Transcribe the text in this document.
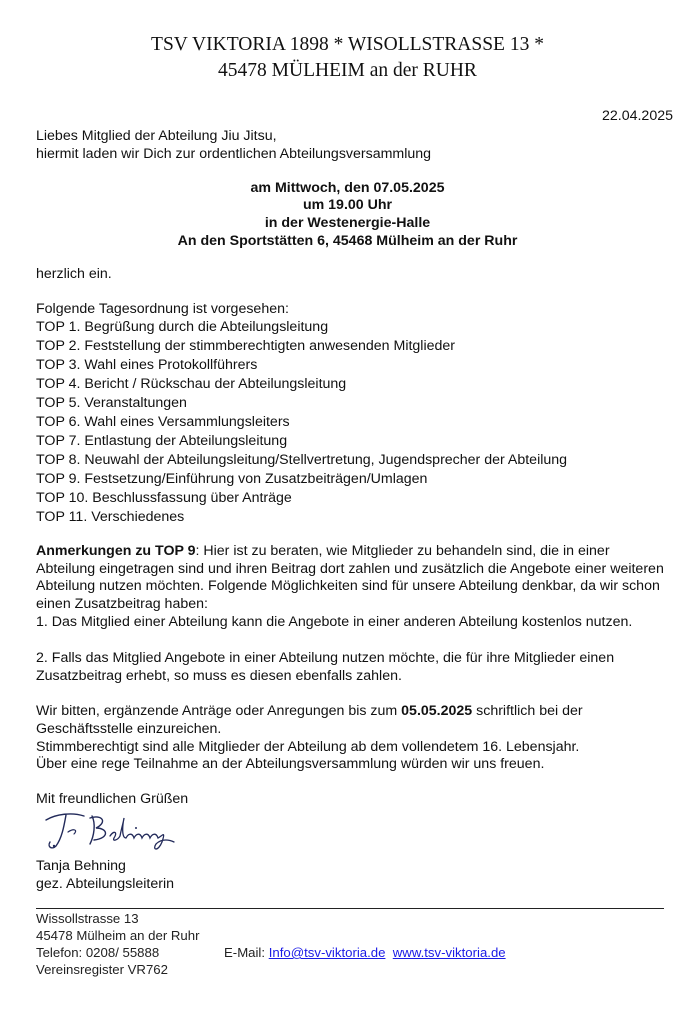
TSV VIKTORIA 1898 * WISOLLSTRASSE 13 *
45478 MÜLHEIM an der RUHR
22.04.2025
Liebes Mitglied der Abteilung Jiu Jitsu,
hiermit laden wir Dich zur ordentlichen Abteilungsversammlung
am Mittwoch, den 07.05.2025
um 19.00 Uhr
in der Westenergie-Halle
An den Sportstätten 6, 45468 Mülheim an der Ruhr
herzlich ein.
Folgende Tagesordnung ist vorgesehen:
TOP 1. Begrüßung durch die Abteilungsleitung
TOP 2. Feststellung der stimmberechtigten anwesenden Mitglieder
TOP 3. Wahl eines Protokollführers
TOP 4. Bericht / Rückschau der Abteilungsleitung
TOP 5. Veranstaltungen
TOP 6. Wahl eines Versammlungsleiters
TOP 7. Entlastung der Abteilungsleitung
TOP 8. Neuwahl der Abteilungsleitung/Stellvertretung, Jugendsprecher der Abteilung
TOP 9. Festsetzung/Einführung von Zusatzbeiträgen/Umlagen
TOP 10. Beschlussfassung über Anträge
TOP 11. Verschiedenes
Anmerkungen zu TOP 9: Hier ist zu beraten, wie Mitglieder zu behandeln sind, die in einer Abteilung eingetragen sind und ihren Beitrag dort zahlen und zusätzlich die Angebote einer weiteren Abteilung nutzen möchten. Folgende Möglichkeiten sind für unsere Abteilung denkbar, da wir schon einen Zusatzbeitrag haben:
1. Das Mitglied einer Abteilung kann die Angebote in einer anderen Abteilung kostenlos nutzen.
2. Falls das Mitglied Angebote in einer Abteilung nutzen möchte, die für ihre Mitglieder einen Zusatzbeitrag erhebt, so muss es diesen ebenfalls zahlen.
Wir bitten, ergänzende Anträge oder Anregungen bis zum 05.05.2025 schriftlich bei der Geschäftsstelle einzureichen.
Stimmberechtigt sind alle Mitglieder der Abteilung ab dem vollendetem 16. Lebensjahr.
Über eine rege Teilnahme an der Abteilungsversammlung würden wir uns freuen.
Mit freundlichen Grüßen
Tanja Behning
gez. Abteilungsleiterin
Wissollstrasse 13
45478 Mülheim an der Ruhr
Telefon: 0208/ 55888
Vereinsregister VR762
E-Mail: Info@tsv-viktoria.de www.tsv-viktoria.de
